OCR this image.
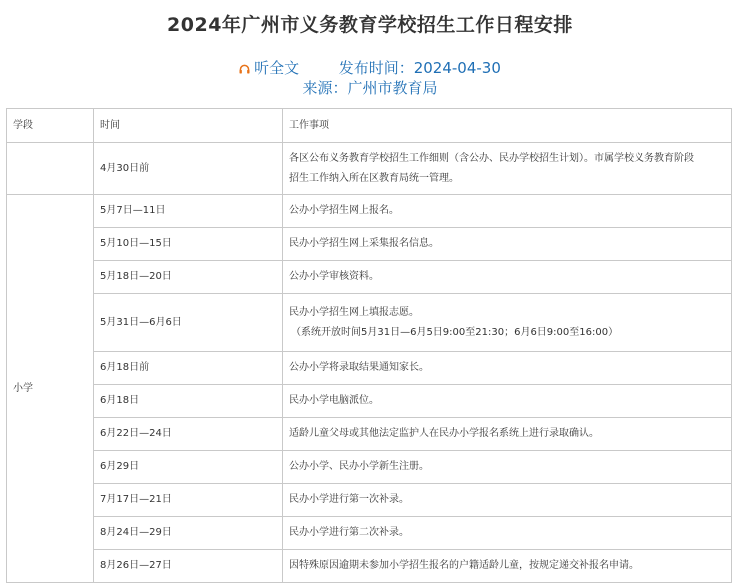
2024年广州市义务教育学校招生工作日程安排
听全文	发布时间：2024-04-30
来源：广州市教育局
学段	时间	工作事项
	4月30日前	各区公布义务教育学校招生工作细则（含公办、民办学校招生计划）。市属学校义务教育阶段
招生工作纳入所在区教育局统一管理。

小学	5月7日—11日	公办小学招生网上报名。

	5月10日—15日	民办小学招生网上采集报名信息。

	5月18日—20日	公办小学审核资料。

	5月31日—6月6日	民办小学招生网上填报志愿。
（系统开放时间5月31日—6月5日9:00至21:30；6月6日9:00至16:00）

	6月18日前	公办小学将录取结果通知家长。

	6月18日	民办小学电脑派位。

	6月22日—24日	适龄儿童父母或其他法定监护人在民办小学报名系统上进行录取确认。

	6月29日	公办小学、民办小学新生注册。

	7月17日—21日	民办小学进行第一次补录。

	8月24日—29日	民办小学进行第二次补录。

	8月26日—27日	因特殊原因逾期未参加小学招生报名的户籍适龄儿童，按规定递交补报名申请。
